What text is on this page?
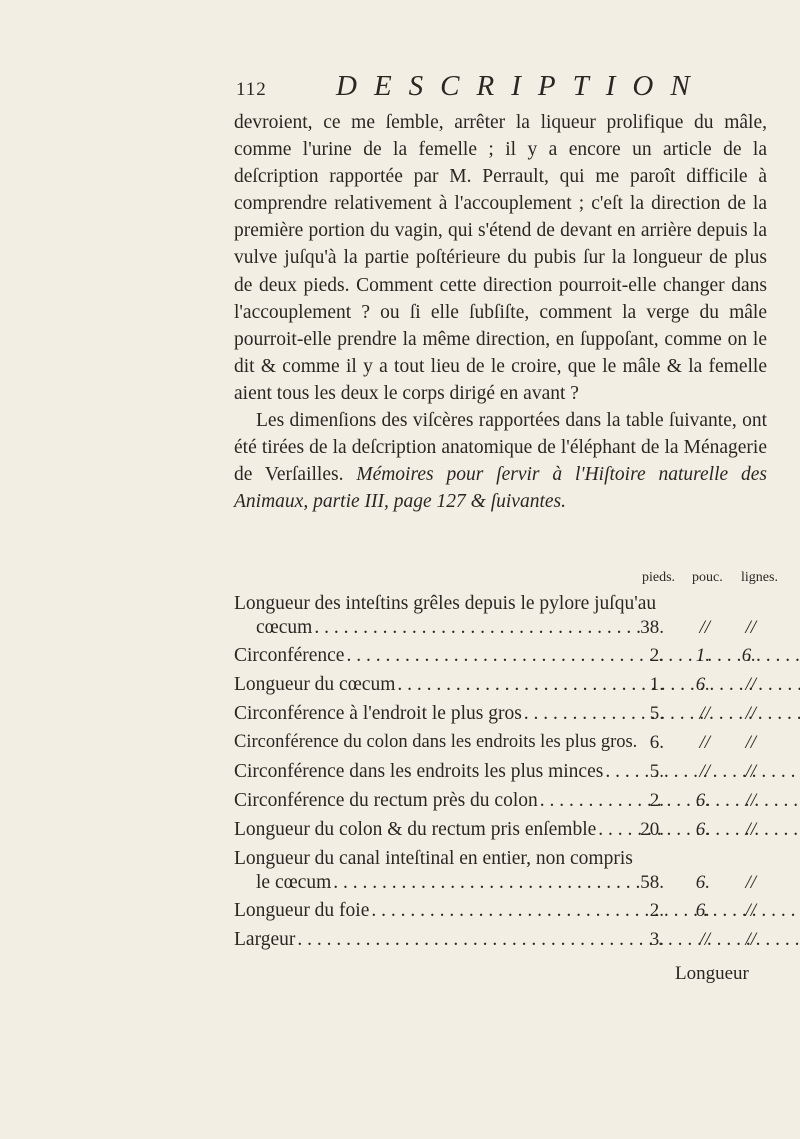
112 DESCRIPTION

devroient, ce me ſemble, arrêter la liqueur prolifique du mâle, comme l'urine de la femelle ; il y a encore un article de la deſcription rapportée par M. Perrault, qui me paroît difficile à comprendre relativement à l'accouplement ; c'eſt la direction de la première portion du vagin, qui s'étend de devant en arrière depuis la vulve juſqu'à la partie poſtérieure du pubis ſur la longueur de plus de deux pieds. Comment cette direction pourroit-elle changer dans l'accouplement ? ou ſi elle ſubſiſte, comment la verge du mâle pourroit-elle prendre la même direction, en ſuppoſant, comme on le dit & comme il y a tout lieu de le croire, que le mâle & la femelle aient tous les deux le corps dirigé en avant ?

Les dimenſions des viſcères rapportées dans la table ſuivante, ont été tirées de la deſcription anatomique de l'éléphant de la Ménagerie de Verſailles. Mémoires pour ſervir à l'Hiſtoire naturelle des Animaux, partie III, page 127 & ſuivantes.

pieds. pouc. lignes.
Longueur des inteſtins grêles depuis le pylore juſqu'au
cœcum . . .	38.	//	//
Circonférence . . .	2.	1.	6.
Longueur du cœcum . . .	1.	6.	//
Circonférence à l'endroit le plus gros . . .	5.	//	//
Circonférence du colon dans les endroits les plus gros. 6.	//	//
Circonférence dans les endroits les plus minces . . .	5.	//	//
Circonférence du rectum près du colon . . .	2.	6.	//
Longueur du colon & du rectum pris enſemble . . .	20.	6.	//
Longueur du canal inteſtinal en entier, non compris
le cœcum . . .	58.	6.	//
Longueur du foie . . .	2.	6.	//
Largeur . . .	3.	//	//
Longueur
